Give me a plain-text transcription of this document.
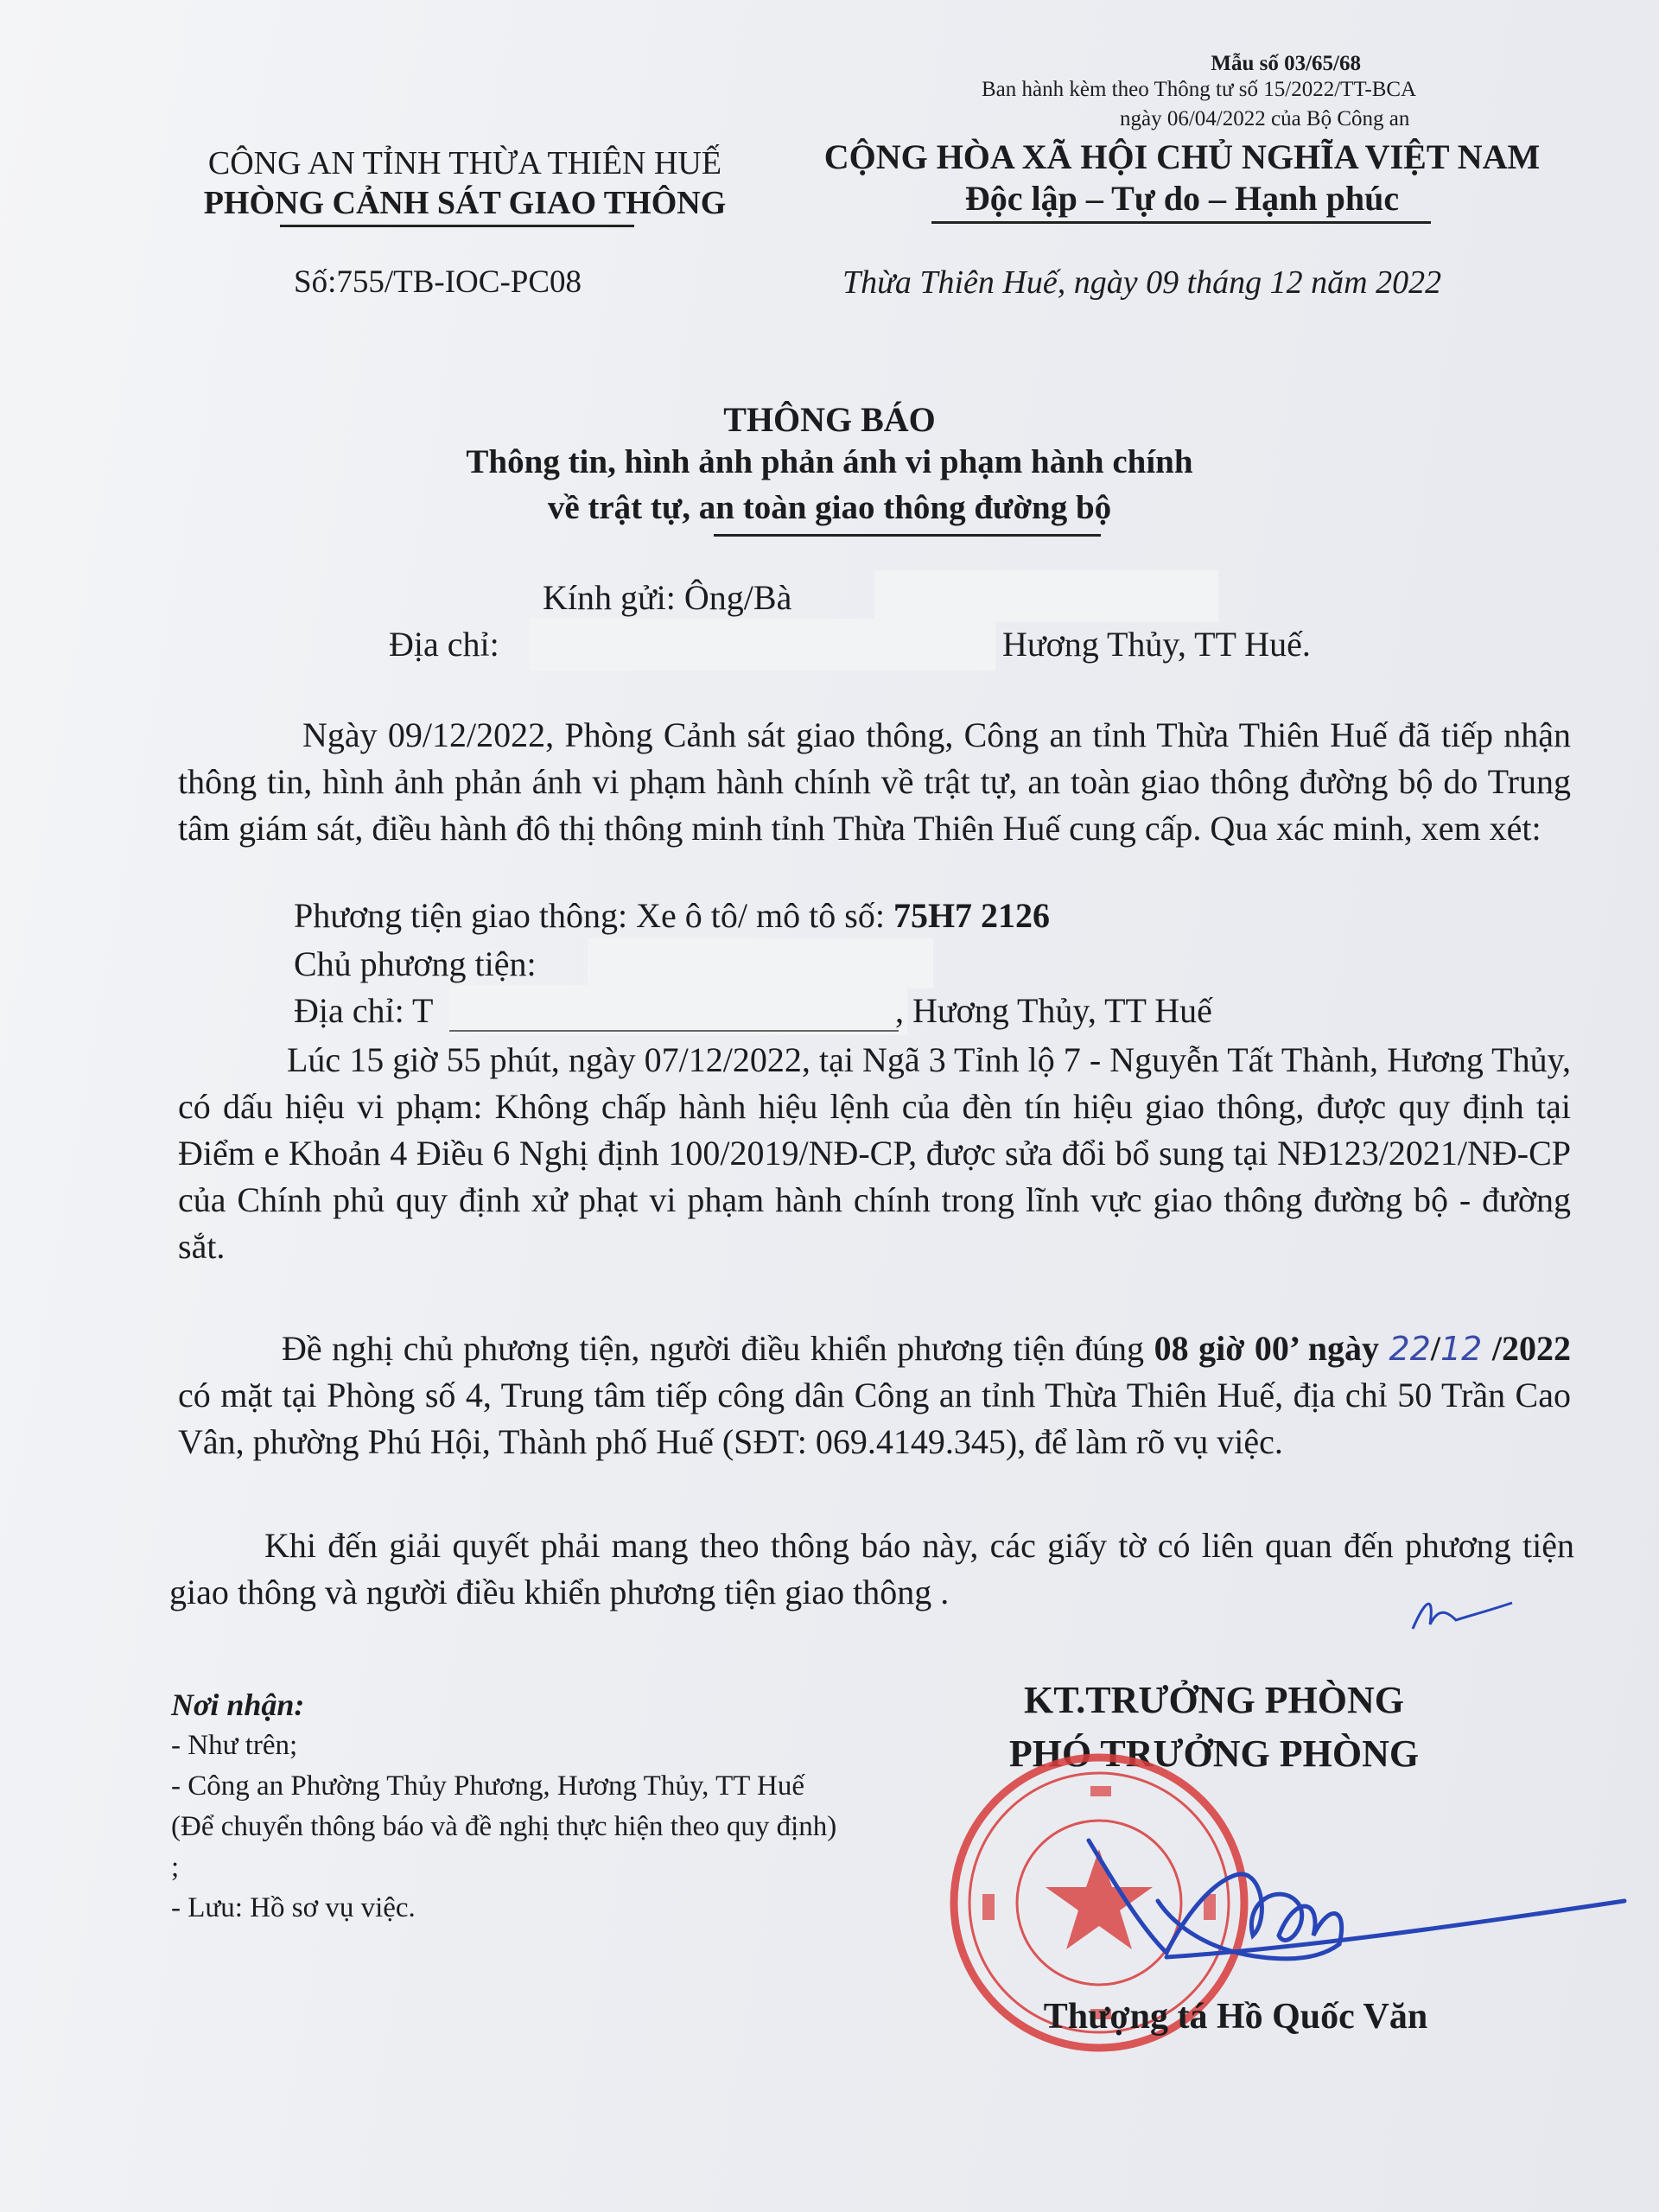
Mẫu số 03/65/68
Ban hành kèm theo Thông tư số 15/2022/TT-BCA
ngày 06/04/2022 của Bộ Công an
CÔNG AN TỈNH THỪA THIÊN HUẾ
PHÒNG CẢNH SÁT GIAO THÔNG
CỘNG HÒA XÃ HỘI CHỦ NGHĨA VIỆT NAM
Độc lập – Tự do – Hạnh phúc
Số:755/TB-IOC-PC08	Thừa Thiên Huế, ngày 09 tháng 12 năm 2022
THÔNG BÁO
Thông tin, hình ảnh phản ánh vi phạm hành chính
về trật tự, an toàn giao thông đường bộ
Kính gửi: Ông/Bà
Địa chỉ:	Hương Thủy, TT Huế.
Ngày 09/12/2022, Phòng Cảnh sát giao thông, Công an tỉnh Thừa Thiên Huế đã tiếp nhận thông tin, hình ảnh phản ánh vi phạm hành chính về trật tự, an toàn giao thông đường bộ do Trung tâm giám sát, điều hành đô thị thông minh tỉnh Thừa Thiên Huế cung cấp. Qua xác minh, xem xét:
Phương tiện giao thông: Xe ô tô/ mô tô số: 75H7 2126
Chủ phương tiện:
Địa chỉ: T	, Hương Thủy, TT Huế
Lúc 15 giờ 55 phút, ngày 07/12/2022, tại Ngã 3 Tỉnh lộ 7 - Nguyễn Tất Thành, Hương Thủy, có dấu hiệu vi phạm: Không chấp hành hiệu lệnh của đèn tín hiệu giao thông, được quy định tại Điểm e Khoản 4 Điều 6 Nghị định 100/2019/NĐ-CP, được sửa đổi bổ sung tại NĐ123/2021/NĐ-CP của Chính phủ quy định xử phạt vi phạm hành chính trong lĩnh vực giao thông đường bộ - đường sắt.
Đề nghị chủ phương tiện, người điều khiển phương tiện đúng 08 giờ 00’ ngày 22/12 /2022 có mặt tại Phòng số 4, Trung tâm tiếp công dân Công an tỉnh Thừa Thiên Huế, địa chỉ 50 Trần Cao Vân, phường Phú Hội, Thành phố Huế (SĐT: 069.4149.345), để làm rõ vụ việc.
Khi đến giải quyết phải mang theo thông báo này, các giấy tờ có liên quan đến phương tiện giao thông và người điều khiển phương tiện giao thông .
Nơi nhận:
- Như trên;
- Công an Phường Thủy Phương, Hương Thủy, TT Huế (Để chuyển thông báo và đề nghị thực hiện theo quy định) ;
- Lưu: Hồ sơ vụ việc.
KT.TRƯỞNG PHÒNG
PHÓ TRƯỞNG PHÒNG
Thượng tá Hồ Quốc Văn
